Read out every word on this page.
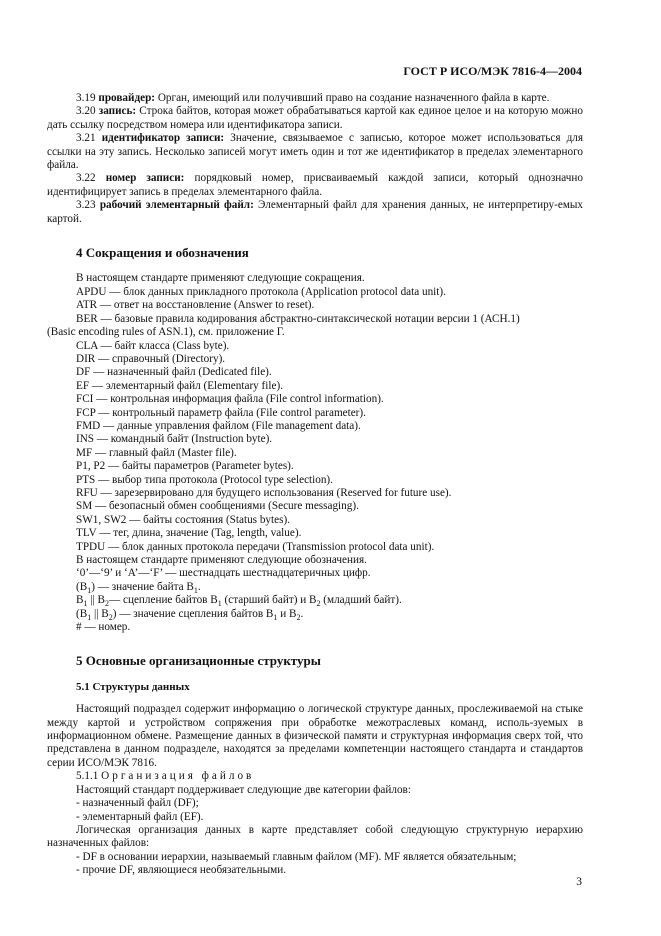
ГОСТ Р ИСО/МЭК 7816-4—2004

3.19 провайдер: Орган, имеющий или получивший право на создание назначенного файла в карте.

3.20 запись: Строка байтов, которая может обрабатываться картой как единое целое и на которую можно дать ссылку посредством номера или идентификатора записи.

3.21 идентификатор записи: Значение, связываемое с записью, которое может использоваться для ссылки на эту запись. Несколько записей могут иметь один и тот же идентификатор в пределах элементарного файла.

3.22 номер записи: порядковый номер, присваиваемый каждой записи, который однозначно идентифицирует запись в пределах элементарного файла.

3.23 рабочий элементарный файл: Элементарный файл для хранения данных, не интерпретиру-емых картой.

4 Сокращения и обозначения

В настоящем стандарте применяют следующие сокращения.

APDU — блок данных прикладного протокола (Application protocol data unit).

ATR — ответ на восстановление (Answer to reset).

BER — базовые правила кодирования абстрактно-синтаксической нотации версии 1 (АСН.1)

(Basic encoding rules of ASN.1), см. приложение Г.

CLA — байт класса (Class byte).

DIR — справочный (Directory).

DF — назначенный файл (Dedicated file).

EF — элементарный файл (Elementary file).

FCI — контрольная информация файла (File control information).

FCP — контрольный параметр файла (File control parameter).

FMD — данные управления файлом (File management data).

INS — командный байт (Instruction byte).

MF — главный файл (Master file).

P1, P2 — байты параметров (Parameter bytes).

PTS — выбор типа протокола (Protocol type selection).

RFU — зарезервировано для будущего использования (Reserved for future use).

SM — безопасный обмен сообщениями (Secure messaging).

SW1, SW2 — байты состояния (Status bytes).

TLV — тег, длина, значение (Tag, length, value).

TPDU — блок данных протокола передачи (Transmission protocol data unit).

В настоящем стандарте применяют следующие обозначения.

‘0’—‘9’ и ‘A’—‘F’ — шестнадцать шестнадцатеричных цифр.

$(B_1)$ — значение байта $B_1$.

$B_1$ || $B_2—$ сцепление байтов $B_1$ (старший байт) и $B_2$ (младший байт).

($B_1$ || $B_2$) — значение сцепления байтов $B_1$ и $B_2$.

# — номер.

5 Основные организационные структуры
5.1 Структуры данных

Настоящий подраздел содержит информацию о логической структуре данных, прослеживаемой на стыке между картой и устройством сопряжения при обработке межотраслевых команд, исполь-зуемых в информационном обмене. Размещение данных в физической памяти и структурная информация сверх той, что представлена в данном подразделе, находятся за пределами компетенции настоящего стандарта и стандартов серии ИСО/МЭК 7816.

5.1.1 Организация файлов

Настоящий стандарт поддерживает следующие две категории файлов:

- назначенный файл (DF);

- элементарный файл (EF).

Логическая организация данных в карте представляет собой следующую структурную иерархию назначенных файлов:

- DF в основании иерархии, называемый главным файлом (MF). MF является обязательным;

- прочие DF, являющиеся необязательными.

3
